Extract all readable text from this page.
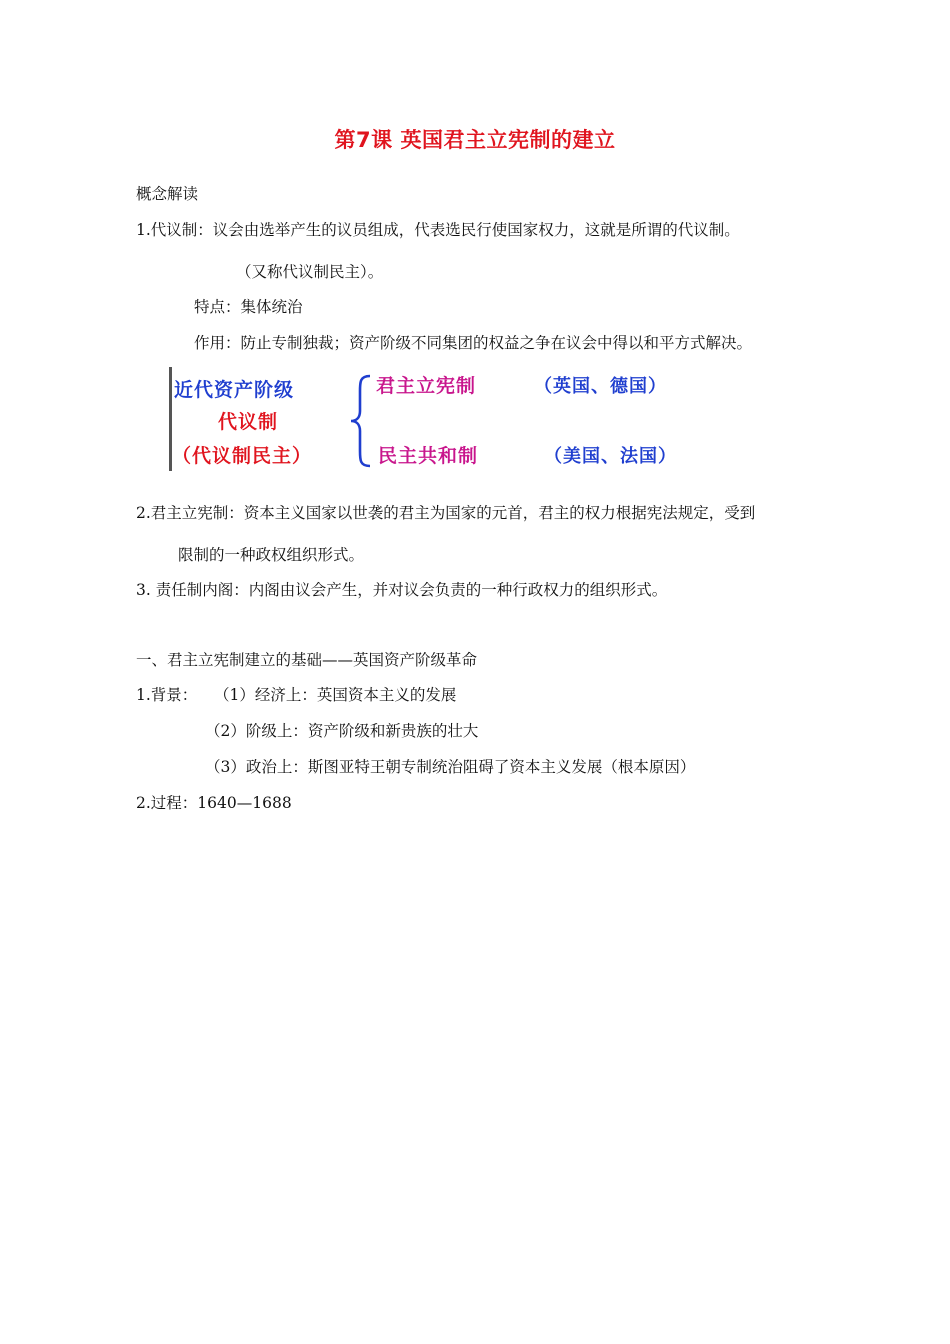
第7课 英国君主立宪制的建立
概念解读
1.代议制：议会由选举产生的议员组成，代表选民行使国家权力，这就是所谓的代议制。
（又称代议制民主）。
特点：集体统治
作用：防止专制独裁；资产阶级不同集团的权益之争在议会中得以和平方式解决。
近代资产阶级
代议制
（代议制民主）
君主立宪制	（英国、德国）
民主共和制	（美国、法国）
2.君主立宪制：资本主义国家以世袭的君主为国家的元首，君主的权力根据宪法规定，受到
限制的一种政权组织形式。
3. 责任制内阁：内阁由议会产生，并对议会负责的一种行政权力的组织形式。
一、君主立宪制建立的基础——英国资产阶级革命
1.背景： （1）经济上：英国资本主义的发展
（2）阶级上：资产阶级和新贵族的壮大
（3）政治上：斯图亚特王朝专制统治阻碍了资本主义发展（根本原因）
2.过程：1640—1688
